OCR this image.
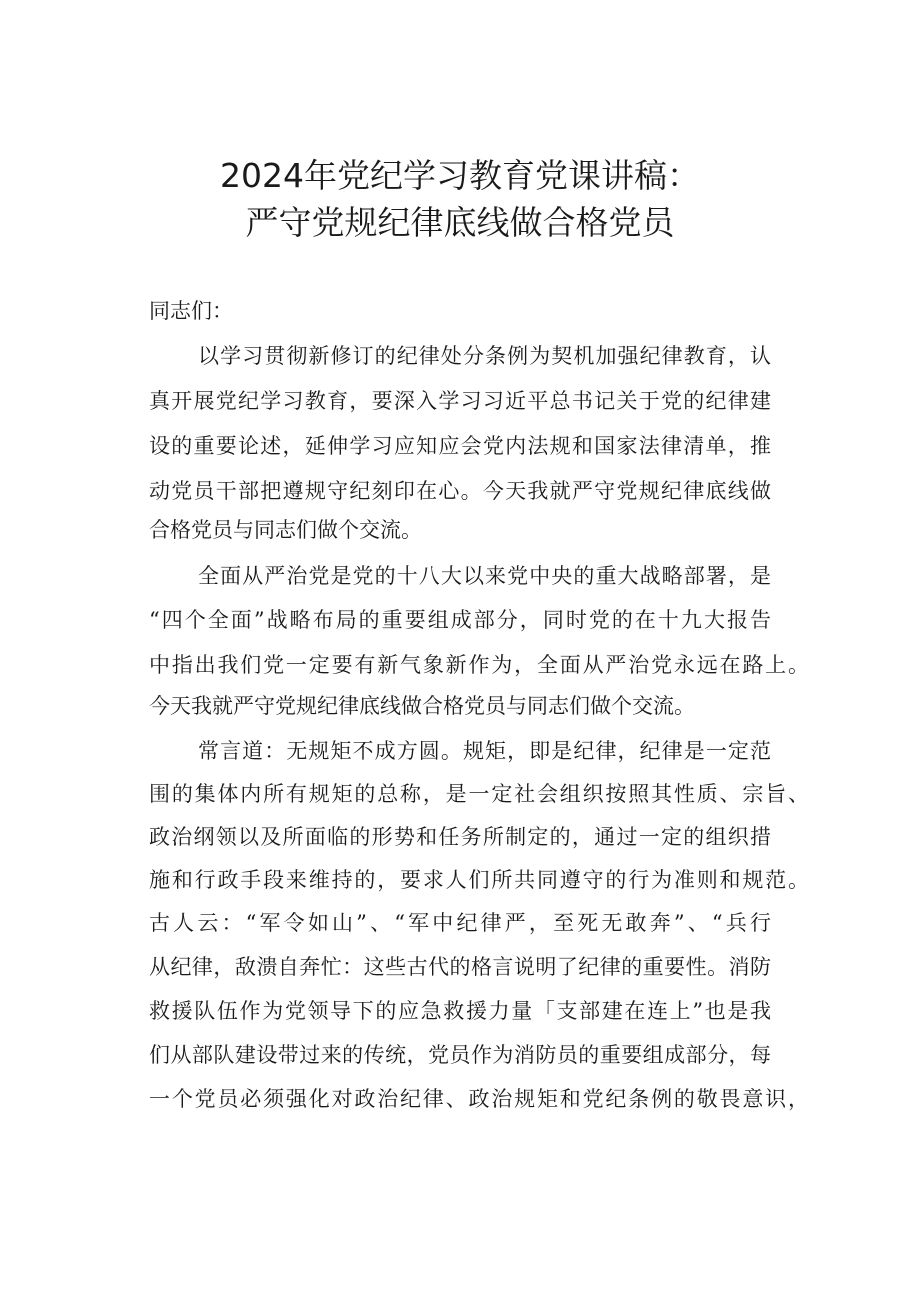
2024年党纪学习教育党课讲稿：
严守党规纪律底线做合格党员

同志们：

以学习贯彻新修订的纪律处分条例为契机加强纪律教育，认

真开展党纪学习教育，要深入学习习近平总书记关于党的纪律建

设的重要论述，延伸学习应知应会党内法规和国家法律清单，推

动党员干部把遵规守纪刻印在心。今天我就严守党规纪律底线做

合格党员与同志们做个交流。

全面从严治党是党的十八大以来党中央的重大战略部署，是

“四个全面”战略布局的重要组成部分，同时党的在十九大报告

中指出我们党一定要有新气象新作为，全面从严治党永远在路上。

今天我就严守党规纪律底线做合格党员与同志们做个交流。

常言道：无规矩不成方圆。规矩，即是纪律，纪律是一定范

围的集体内所有规矩的总称，是一定社会组织按照其性质、宗旨、

政治纲领以及所面临的形势和任务所制定的，通过一定的组织措

施和行政手段来维持的，要求人们所共同遵守的行为准则和规范。

古人云：“军令如山”、“军中纪律严，至死无敢奔”、“兵行

从纪律，敌溃自奔忙：这些古代的格言说明了纪律的重要性。消防

救援队伍作为党领导下的应急救援力量「支部建在连上”也是我

们从部队建设带过来的传统，党员作为消防员的重要组成部分，每

一个党员必须强化对政治纪律、政治规矩和党纪条例的敬畏意识，
